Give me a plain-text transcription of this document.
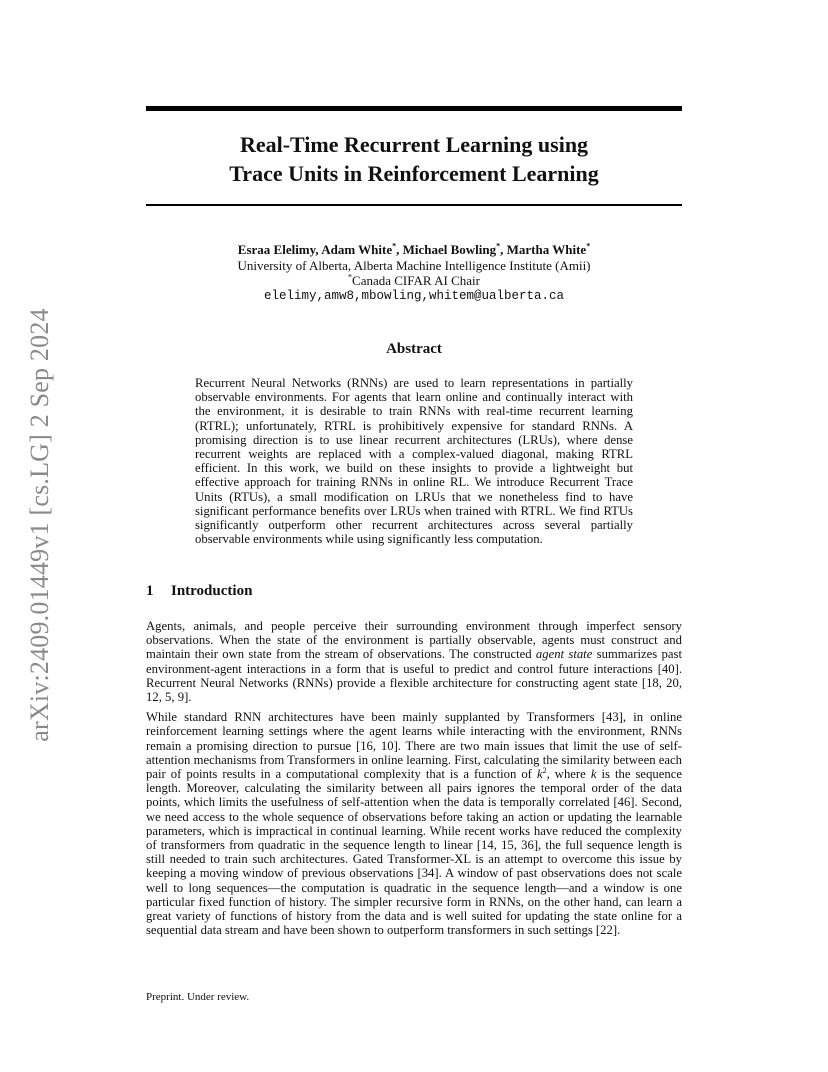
arXiv:2409.01449v1 [cs.LG] 2 Sep 2024
Real-Time Recurrent Learning using
Trace Units in Reinforcement Learning
Esraa Elelimy, Adam White*, Michael Bowling*, Martha White*
University of Alberta, Alberta Machine Intelligence Institute (Amii)
*Canada CIFAR AI Chair
elelimy,amw8,mbowling,whitem@ualberta.ca
Abstract
Recurrent Neural Networks (RNNs) are used to learn representations in partially observable environments. For agents that learn online and continually interact with the environment, it is desirable to train RNNs with real-time recurrent learning (RTRL); unfortunately, RTRL is prohibitively expensive for standard RNNs. A promising direction is to use linear recurrent architectures (LRUs), where dense recurrent weights are replaced with a complex-valued diagonal, making RTRL efficient. In this work, we build on these insights to provide a lightweight but effective approach for training RNNs in online RL. We introduce Recurrent Trace Units (RTUs), a small modification on LRUs that we nonetheless find to have significant performance benefits over LRUs when trained with RTRL. We find RTUs significantly outperform other recurrent architectures across several partially observable environments while using significantly less computation.
1 Introduction

Agents, animals, and people perceive their surrounding environment through imperfect sensory observations. When the state of the environment is partially observable, agents must construct and maintain their own state from the stream of observations. The constructed agent state summarizes past environment-agent interactions in a form that is useful to predict and control future interactions [40]. Recurrent Neural Networks (RNNs) provide a flexible architecture for constructing agent state [18, 20, 12, 5, 9].

While standard RNN architectures have been mainly supplanted by Transformers [43], in online reinforcement learning settings where the agent learns while interacting with the environment, RNNs remain a promising direction to pursue [16, 10]. There are two main issues that limit the use of self-attention mechanisms from Transformers in online learning. First, calculating the similarity between each pair of points results in a computational complexity that is a function of $k^2$, where k is the sequence length. Moreover, calculating the similarity between all pairs ignores the temporal order of the data points, which limits the usefulness of self-attention when the data is temporally correlated [46]. Second, we need access to the whole sequence of observations before taking an action or updating the learnable parameters, which is impractical in continual learning. While recent works have reduced the complexity of transformers from quadratic in the sequence length to linear [14, 15, 36], the full sequence length is still needed to train such architectures. Gated Transformer-XL is an attempt to overcome this issue by keeping a moving window of previous observations [34]. A window of past observations does not scale well to long sequences—the computation is quadratic in the sequence length—and a window is one particular fixed function of history. The simpler recursive form in RNNs, on the other hand, can learn a great variety of functions of history from the data and is well suited for updating the state online for a sequential data stream and have been shown to outperform transformers in such settings [22].

Preprint. Under review.
